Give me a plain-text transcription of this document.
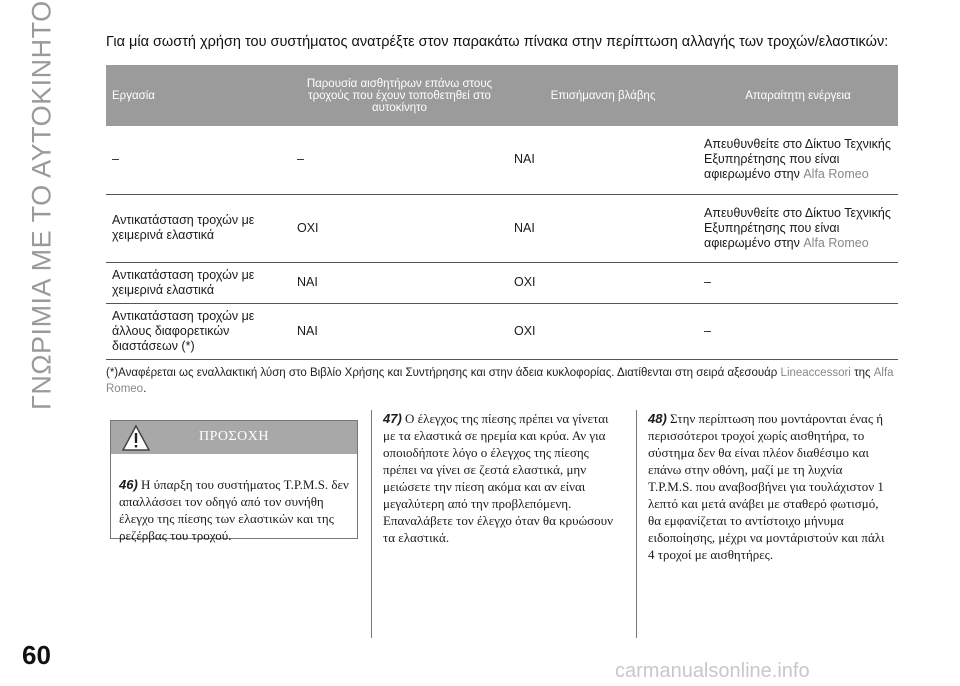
ΓΝΩΡΙΜΙΑ ΜΕ ΤΟ ΑΥΤΟΚΙΝΗΤΟ
60
carmanualsonline.info
Για μία σωστή χρήση του συστήματος ανατρέξτε στον παρακάτω πίνακα στην περίπτωση αλλαγής των τροχών/ελαστικών:
Εργασία	Παρουσία αισθητήρων επάνω στους τροχούς που έχουν τοποθετηθεί στο αυτοκίνητο	Επισήμανση βλάβης	Απαραίτητη ενέργεια
–	–	ΝΑΙ	Απευθυνθείτε στο Δίκτυο Τεχνικής Εξυπηρέτησης που είναι αφιερωμένο στην Alfa Romeo
Αντικατάσταση τροχών με χειμερινά ελαστικά	ΟΧΙ	ΝΑΙ	Απευθυνθείτε στο Δίκτυο Τεχνικής Εξυπηρέτησης που είναι αφιερωμένο στην Alfa Romeo
Αντικατάσταση τροχών με χειμερινά ελαστικά	ΝΑΙ	ΟΧΙ	–
Αντικατάσταση τροχών με άλλους διαφορετικών διαστάσεων (*)	ΝΑΙ	ΟΧΙ	–
(*)Αναφέρεται ως εναλλακτική λύση στο Βιβλίο Χρήσης και Συντήρησης και στην άδεια κυκλοφορίας. Διατίθενται στη σειρά αξεσουάρ Lineaccessori της Alfa Romeo.
ΠΡΟΣΟΧΗ
46) Η ύπαρξη του συστήματος T.P.M.S. δεν απαλλάσσει τον οδηγό από τον συνήθη έλεγχο της πίεσης των ελαστικών και της ρεζέρβας του τροχού.
47) Ο έλεγχος της πίεσης πρέπει να γίνεται με τα ελαστικά σε ηρεμία και κρύα. Αν για οποιοδήποτε λόγο ο έλεγχος της πίεσης πρέπει να γίνει σε ζεστά ελαστικά, μην μειώσετε την πίεση ακόμα και αν είναι μεγαλύτερη από την προβλεπόμενη. Επαναλάβετε τον έλεγχο όταν θα κρυώσουν τα ελαστικά.
48) Στην περίπτωση που μοντάρονται ένας ή περισσότεροι τροχοί χωρίς αισθητήρα, το σύστημα δεν θα είναι πλέον διαθέσιμο και επάνω στην οθόνη, μαζί με τη λυχνία T.P.M.S. που αναβοσβήνει για τουλάχιστον 1 λεπτό και μετά ανάβει με σταθερό φωτισμό, θα εμφανίζεται το αντίστοιχο μήνυμα ειδοποίησης, μέχρι να μοντάριστούν και πάλι 4 τροχοί με αισθητήρες.
